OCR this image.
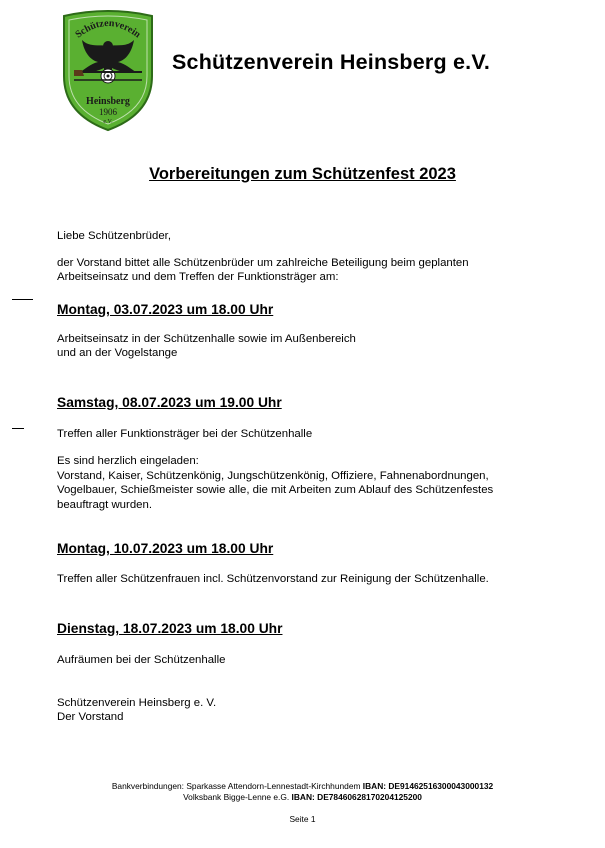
Schützenverein
Heinsberg
1906
e.V.
Schützenverein Heinsberg e.V.
Vorbereitungen zum Schützenfest 2023
Liebe Schützenbrüder,
der Vorstand bittet alle Schützenbrüder um zahlreiche Beteiligung beim geplanten
Arbeitseinsatz und dem Treffen der Funktionsträger am:
Montag, 03.07.2023 um 18.00 Uhr
Arbeitseinsatz in der Schützenhalle sowie im Außenbereich
und an der Vogelstange
Samstag, 08.07.2023 um 19.00 Uhr
Treffen aller Funktionsträger bei der Schützenhalle
Es sind herzlich eingeladen:
Vorstand, Kaiser, Schützenkönig, Jungschützenkönig, Offiziere, Fahnenabordnungen,
Vogelbauer, Schießmeister sowie alle, die mit Arbeiten zum Ablauf des Schützenfestes
beauftragt wurden.
Montag, 10.07.2023 um 18.00 Uhr
Treffen aller Schützenfrauen incl. Schützenvorstand zur Reinigung der Schützenhalle.
Dienstag, 18.07.2023 um 18.00 Uhr
Aufräumen bei der Schützenhalle
Schützenverein Heinsberg e. V.
Der Vorstand
Bankverbindungen: Sparkasse Attendorn-Lennestadt-Kirchhundem IBAN: DE91462516300043000132
Volksbank Bigge-Lenne e.G. IBAN: DE78460628170204125200
Seite 1
